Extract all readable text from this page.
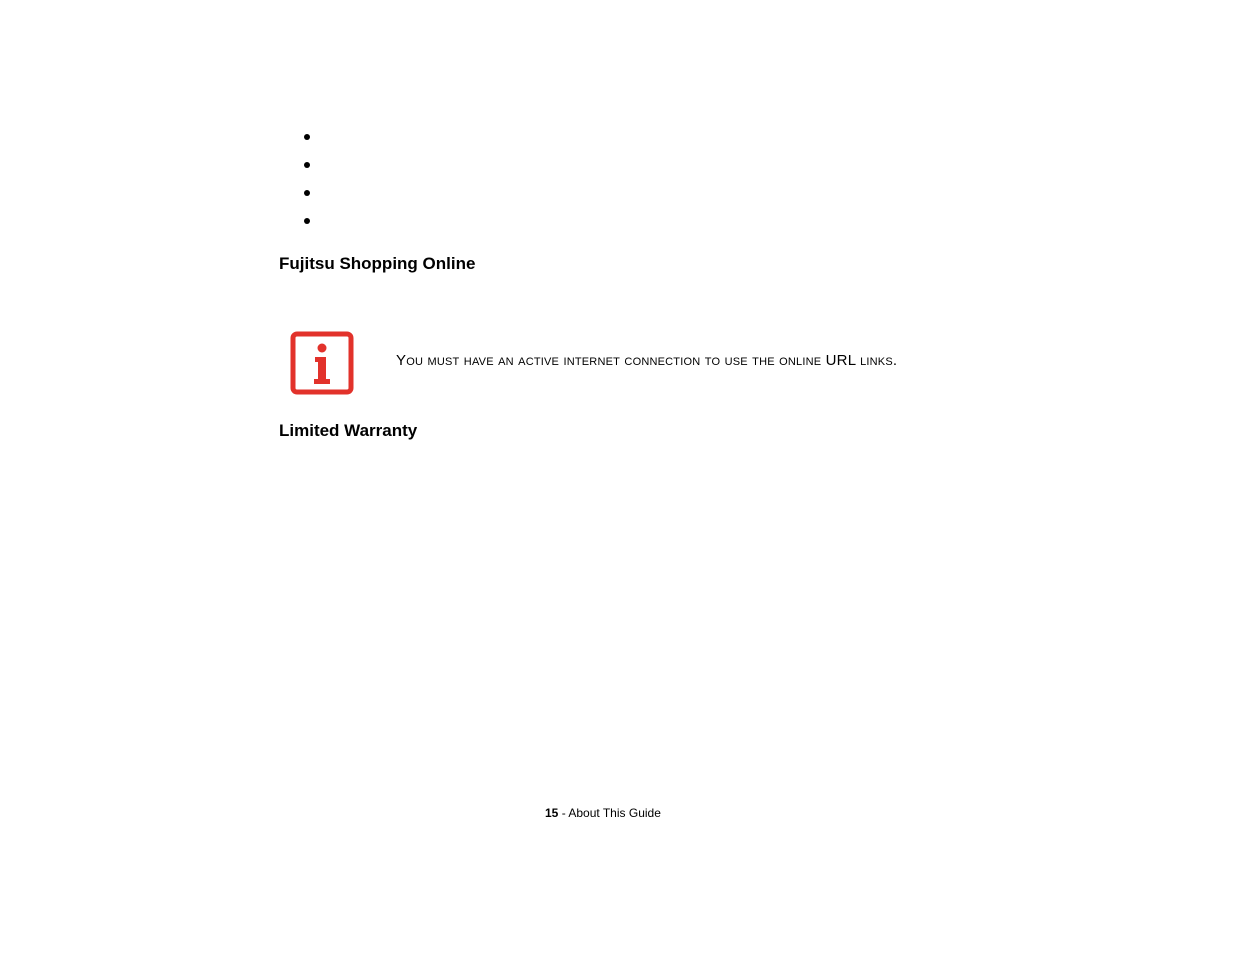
Fujitsu Shopping Online
You must have an active internet connection to use the online URL links.
Limited Warranty
15 - About This Guide
